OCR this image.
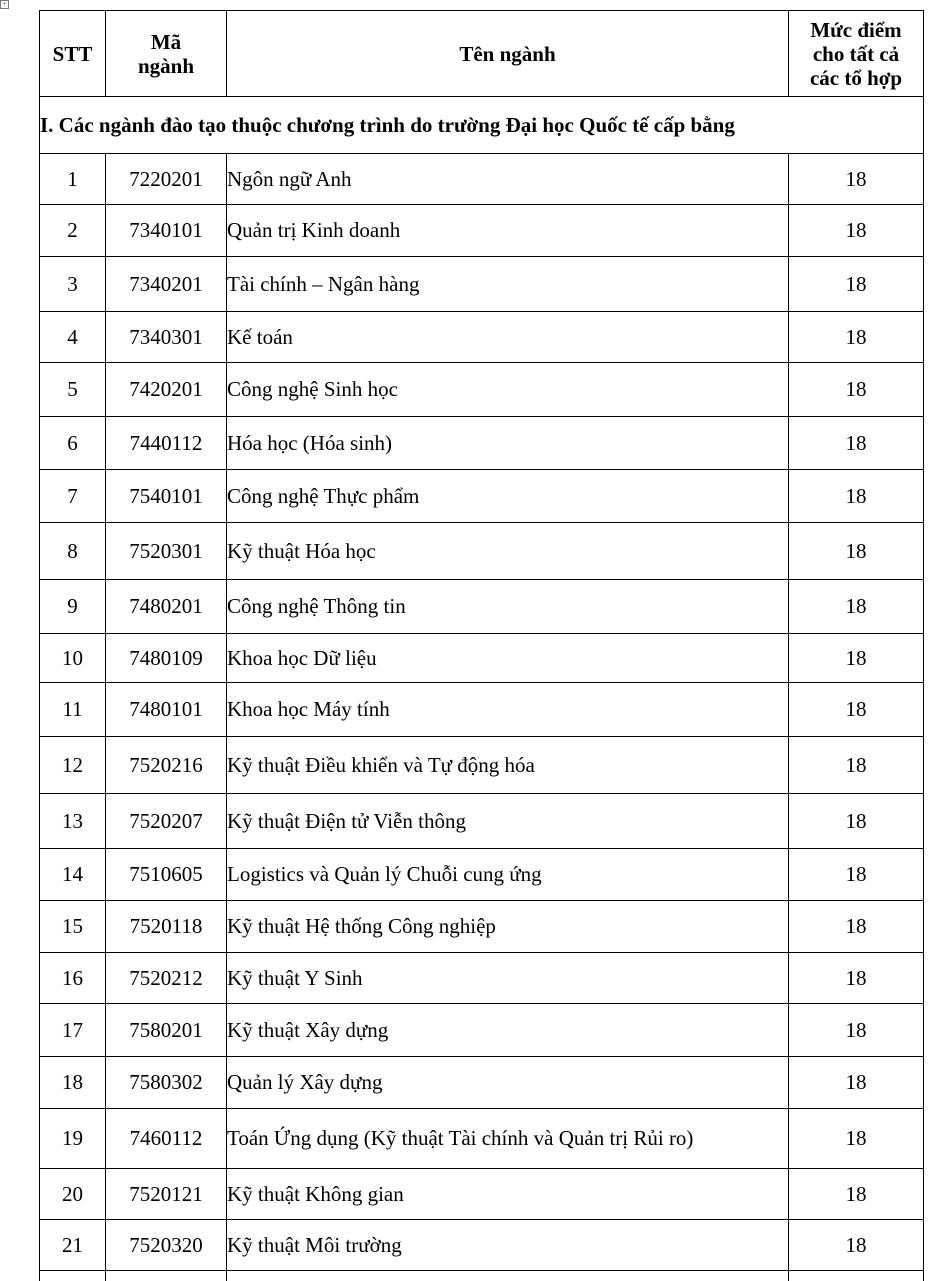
+
STT	Mã ngành	Tên ngành	Mức điểm cho tất cả các tổ hợp
I. Các ngành đào tạo thuộc chương trình do trường Đại học Quốc tế cấp bằng			
1	7220201	Ngôn ngữ Anh	18
2	7340101	Quản trị Kinh doanh	18
3	7340201	Tài chính – Ngân hàng	18
4	7340301	Kế toán	18
5	7420201	Công nghệ Sinh học	18
6	7440112	Hóa học (Hóa sinh)	18
7	7540101	Công nghệ Thực phẩm	18
8	7520301	Kỹ thuật Hóa học	18
9	7480201	Công nghệ Thông tin	18
10	7480109	Khoa học Dữ liệu	18
11	7480101	Khoa học Máy tính	18
12	7520216	Kỹ thuật Điều khiển và Tự động hóa	18
13	7520207	Kỹ thuật Điện tử Viễn thông	18
14	7510605	Logistics và Quản lý Chuỗi cung ứng	18
15	7520118	Kỹ thuật Hệ thống Công nghiệp	18
16	7520212	Kỹ thuật Y Sinh	18
17	7580201	Kỹ thuật Xây dựng	18
18	7580302	Quản lý Xây dựng	18
19	7460112	Toán Ứng dụng (Kỹ thuật Tài chính và Quản trị Rủi ro)	18
20	7520121	Kỹ thuật Không gian	18
21	7520320	Kỹ thuật Môi trường	18
